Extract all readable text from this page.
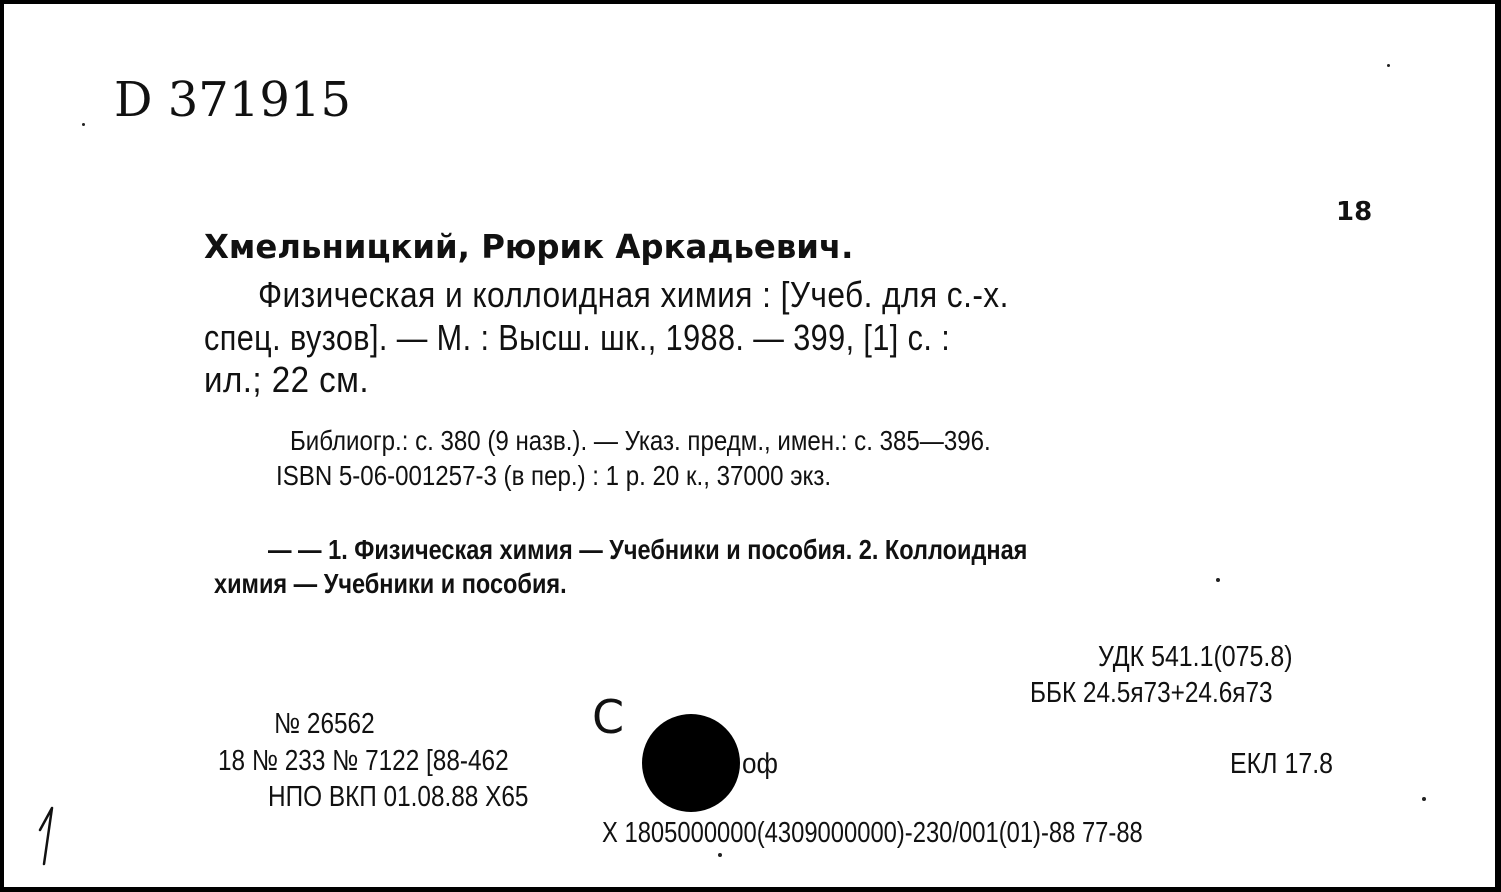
D 371915
18
Хмельницкий, Рюрик Аркадьевич.
Физическая и коллоидная химия : [Учеб. для с.-х.
спец. вузов]. — М. : Высш. шк., 1988. — 399, [1] с. :
ил.; 22 см.
Библиогр.: с. 380 (9 назв.). — Указ. предм., имен.: с. 385—396.
ISBN 5-06-001257-3 (в пер.) : 1 р. 20 к., 37000 экз.
— — 1. Физическая химия — Учебники и пособия. 2. Коллоидная
химия — Учебники и пособия.
УДК 541.1(075.8)
ББК 24.5я73+24.6я73
ЕКЛ 17.8
№ 26562	С
18 № 233 № 7122 [88-462	оф
НПО ВКП 01.08.88 Х65
Х 1805000000(4309000000)-230/001(01)-88 77-88
